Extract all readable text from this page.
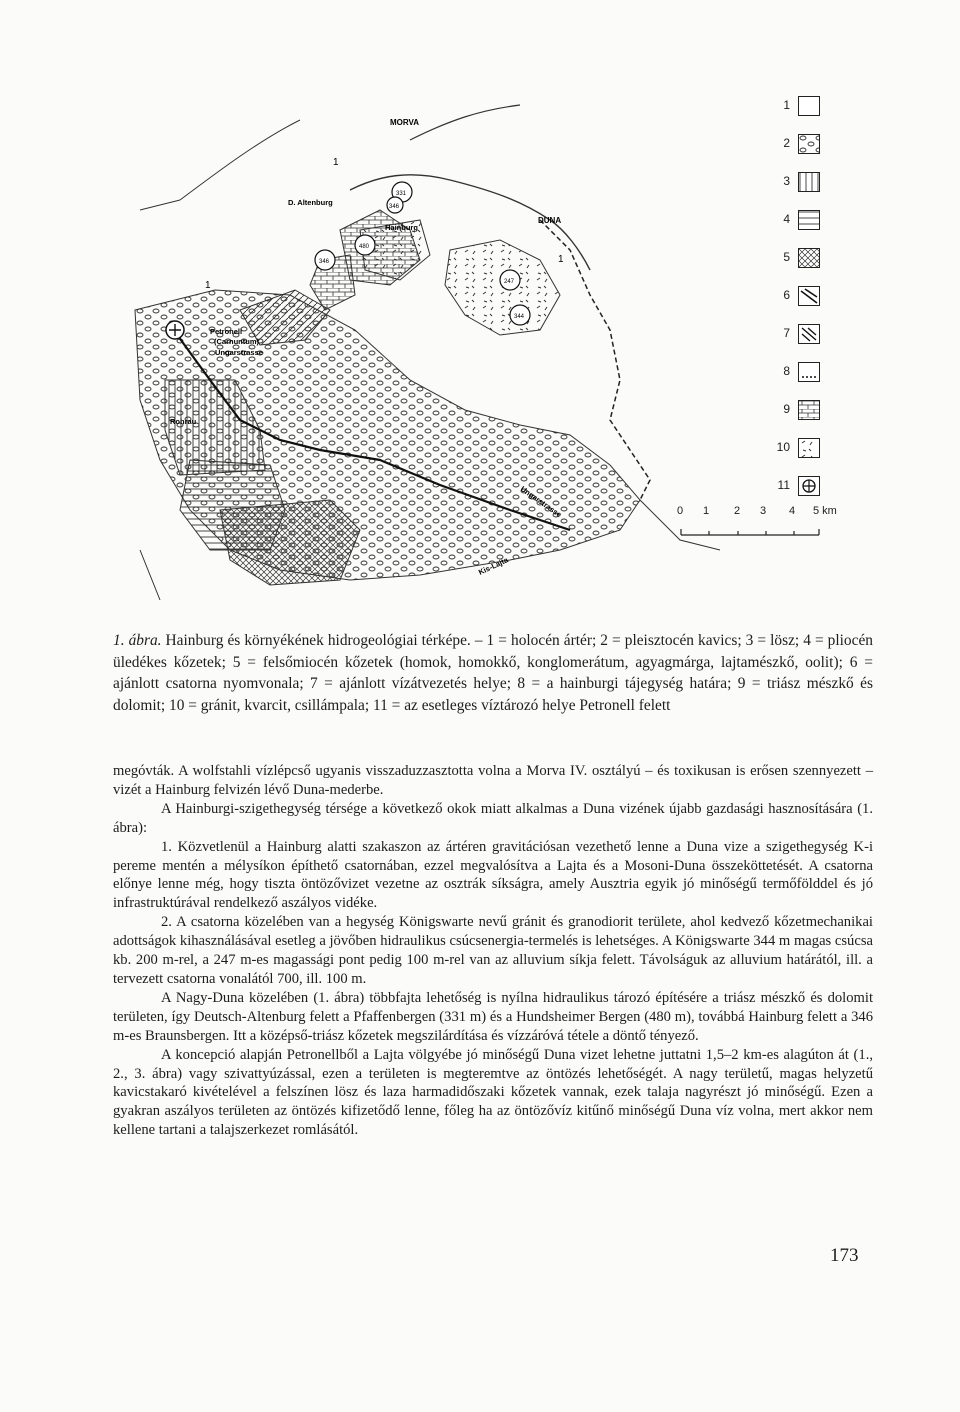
MORVA
DUNA
D. Altenburg
Hainburg
Petronell
(Carnuntum)
Ungarstrasse
Rohrau
Ungarstrasse
Kis-Lajta
1
1
1
331
346
480
344
247
346
1
2
3
4
5
6
7
8
9
10
11
0 1 2 3 4 5 km
1. ábra. Hainburg és környékének hidrogeológiai térképe. – 1 = holocén ártér; 2 = pleisztocén kavics; 3 = lösz; 4 = pliocén üledékes kőzetek; 5 = felsőmiocén kőzetek (homok, homokkő, konglomerátum, agyagmárga, lajtamészkő, oolit); 6 = ajánlott csatorna nyomvonala; 7 = ajánlott vízátvezetés helye; 8 = a hainburgi tájegység határa; 9 = triász mészkő és dolomit; 10 = gránit, kvarcit, csillámpala; 11 = az esetleges víztározó helye Petronell felett

megóvták. A wolfstahli vízlépcső ugyanis visszaduzzasztotta volna a Morva IV. osztályú – és toxikusan is erősen szennyezett – vizét a Hainburg felvizén lévő Duna-mederbe.

A Hainburgi-szigethegység térsége a következő okok miatt alkalmas a Duna vizének újabb gazdasági hasznosítására (1. ábra):

1. Közvetlenül a Hainburg alatti szakaszon az ártéren gravitációsan vezethető lenne a Duna vize a szigethegység K-i pereme mentén a mélysíkon építhető csatornában, ezzel megvalósítva a Lajta és a Mosoni-Duna összeköttetését. A csatorna előnye lenne még, hogy tiszta öntözővizet vezetne az osztrák síkságra, amely Ausztria egyik jó minőségű termőfölddel és jó infrastruktúrával rendelkező aszályos vidéke.

2. A csatorna közelében van a hegység Königswarte nevű gránit és granodiorit területe, ahol kedvező kőzetmechanikai adottságok kihasználásával esetleg a jövőben hidraulikus csúcsenergia-termelés is lehetséges. A Königswarte 344 m magas csúcsa kb. 200 m-rel, a 247 m-es magassági pont pedig 100 m-rel van az alluvium síkja felett. Távolságuk az alluvium határától, ill. a tervezett csatorna vonalától 700, ill. 100 m.

A Nagy-Duna közelében (1. ábra) többfajta lehetőség is nyílna hidraulikus tározó építésére a triász mészkő és dolomit területen, így Deutsch-Altenburg felett a Pfaffenbergen (331 m) és a Hundsheimer Bergen (480 m), továbbá Hainburg felett a 346 m-es Braunsbergen. Itt a középső-triász kőzetek megszilárdítása és vízzáróvá tétele a döntő tényező.

A koncepció alapján Petronellből a Lajta völgyébe jó minőségű Duna vizet lehetne juttatni 1,5–2 km-es alagúton át (1., 2., 3. ábra) vagy szivattyúzással, ezen a területen is megteremtve az öntözés lehetőségét. A nagy területű, magas helyzetű kavicstakaró kivételével a felszínen lösz és laza harmadidőszaki kőzetek vannak, ezek talaja nagyrészt jó minőségű. Ezen a gyakran aszályos területen az öntözés kifizetődő lenne, főleg ha az öntözővíz kitűnő minőségű Duna víz volna, mert akkor nem kellene tartani a talajszerkezet romlásától.

173
